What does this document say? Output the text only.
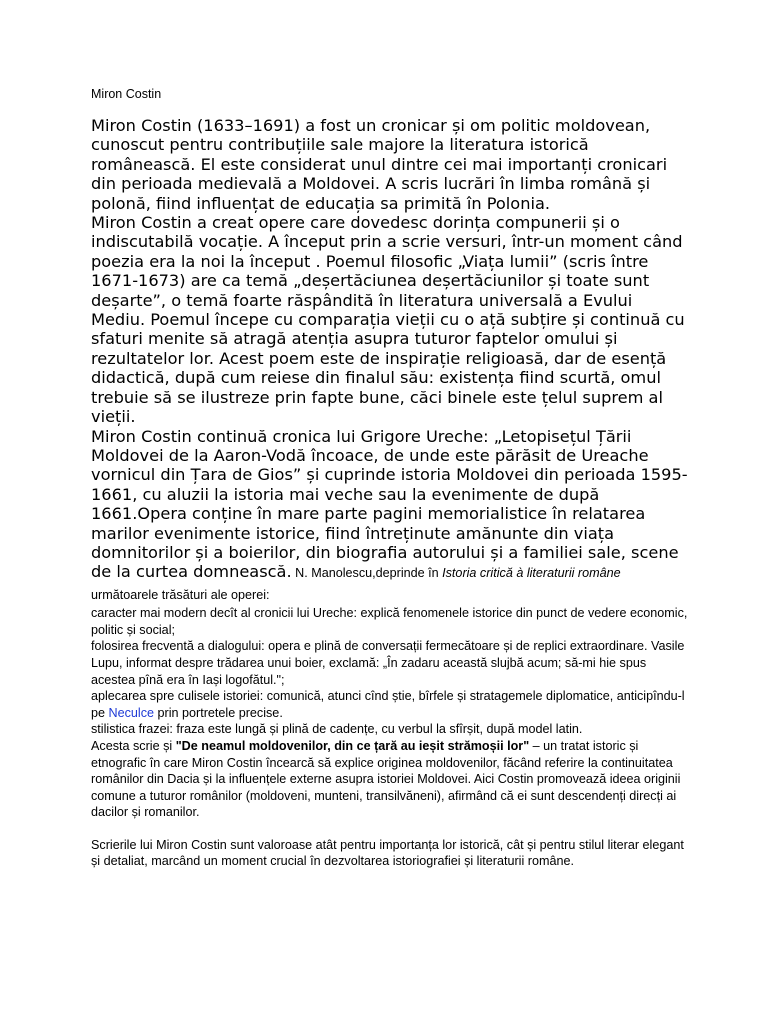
Miron Costin

Miron Costin (1633–1691) a fost un cronicar și om politic moldovean, cunoscut pentru contribuțiile sale majore la literatura istorică românească. El este considerat unul dintre cei mai importanți cronicari din perioada medievală a Moldovei. A scris lucrări în limba română și polonă, fiind influențat de educația sa primită în Polonia.

Miron Costin a creat opere care dovedesc dorința compunerii și o indiscutabilă vocație. A început prin a scrie versuri, într-un moment când poezia era la noi la început . Poemul filosofic „Viața lumii” (scris între 1671-1673) are ca temă „deșertăciunea deșertăciunilor și toate sunt deșarte”, o temă foarte răspândită în literatura universală a Evului Mediu. Poemul începe cu comparația vieții cu o ață subțire și continuă cu sfaturi menite să atragă atenția asupra tuturor faptelor omului și rezultatelor lor. Acest poem este de inspirație religioasă, dar de esență didactică, după cum reiese din finalul său: existența fiind scurtă, omul trebuie să se ilustreze prin fapte bune, căci binele este țelul suprem al vieții.

Miron Costin continuă cronica lui Grigore Ureche: „Letopisețul Țării Moldovei de la Aaron-Vodă încoace, de unde este părăsit de Ureache vornicul din Țara de Gios” și cuprinde istoria Moldovei din perioada 1595-1661, cu aluzii la istoria mai veche sau la evenimente de după 1661.Opera conține în mare parte pagini memorialistice în relatarea marilor evenimente istorice, fiind întreținute amănunte din viața domnitorilor și a boierilor, din biografia autorului și a familiei sale, scene de la curtea domnească. N. Manolescu,deprinde în Istoria critică à literaturii române următoarele trăsături ale operei:

caracter mai modern decît al cronicii lui Ureche: explică fenomenele istorice din punct de vedere economic, politic și social;

folosirea frecventă a dialogului: opera e plină de conversații fermecătoare și de replici extraordinare. Vasile Lupu, informat despre trădarea unui boier, exclamă: „În zadaru această slujbă acum; să-mi hie spus acestea pînă era în Iași logofătul.";

aplecarea spre culisele istoriei: comunică, atunci cînd știe, bîrfele și stratagemele diplomatice, anticipîndu-l pe Neculce prin portretele precise.

stilistica frazei: fraza este lungă și plină de cadențe, cu verbul la sfîrșit, după model latin.

Acesta scrie și "De neamul moldovenilor, din ce țară au ieșit strămoșii lor" – un tratat istoric și etnografic în care Miron Costin încearcă să explice originea moldovenilor, făcând referire la continuitatea românilor din Dacia și la influențele externe asupra istoriei Moldovei. Aici Costin promovează ideea originii comune a tuturor românilor (moldoveni, munteni, transilvăneni), afirmând că ei sunt descendenți direcți ai dacilor și romanilor.

Scrierile lui Miron Costin sunt valoroase atât pentru importanța lor istorică, cât și pentru stilul literar elegant și detaliat, marcând un moment crucial în dezvoltarea istoriografiei și literaturii române.
